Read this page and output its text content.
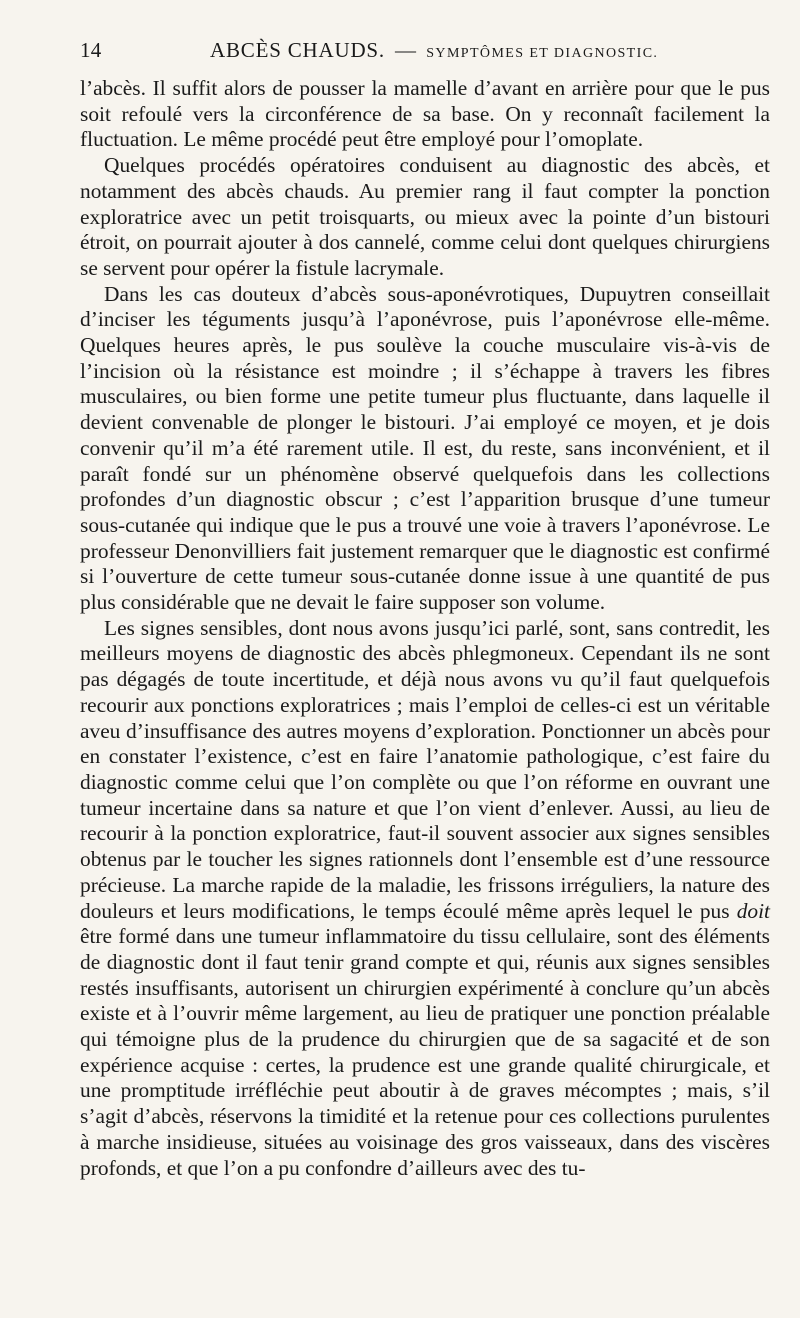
14	ABCÈS CHAUDS. — SYMPTÔMES ET DIAGNOSTIC.

l’abcès. Il suffit alors de pousser la mamelle d’avant en arrière pour que le pus soit refoulé vers la circonférence de sa base. On y reconnaît facilement la fluctuation. Le même procédé peut être employé pour l’omoplate.

Quelques procédés opératoires conduisent au diagnostic des abcès, et notamment des abcès chauds. Au premier rang il faut compter la ponction exploratrice avec un petit troisquarts, ou mieux avec la pointe d’un bistouri étroit, on pourrait ajouter à dos cannelé, comme celui dont quelques chirurgiens se servent pour opérer la fistule lacrymale.

Dans les cas douteux d’abcès sous-aponévrotiques, Dupuytren conseillait d’inciser les téguments jusqu’à l’aponévrose, puis l’aponévrose elle-même. Quelques heures après, le pus soulève la couche musculaire vis-à-vis de l’incision où la résistance est moindre ; il s’échappe à travers les fibres musculaires, ou bien forme une petite tumeur plus fluctuante, dans laquelle il devient convenable de plonger le bistouri. J’ai employé ce moyen, et je dois convenir qu’il m’a été rarement utile. Il est, du reste, sans inconvénient, et il paraît fondé sur un phénomène observé quelquefois dans les collections profondes d’un diagnostic obscur ; c’est l’apparition brusque d’une tumeur sous-cutanée qui indique que le pus a trouvé une voie à travers l’aponévrose. Le professeur Denonvilliers fait justement remarquer que le diagnostic est confirmé si l’ouverture de cette tumeur sous-cutanée donne issue à une quantité de pus plus considérable que ne devait le faire supposer son volume.

Les signes sensibles, dont nous avons jusqu’ici parlé, sont, sans contredit, les meilleurs moyens de diagnostic des abcès phlegmoneux. Cependant ils ne sont pas dégagés de toute incertitude, et déjà nous avons vu qu’il faut quelquefois recourir aux ponctions exploratrices ; mais l’emploi de celles-ci est un véritable aveu d’insuffisance des autres moyens d’exploration. Ponctionner un abcès pour en constater l’existence, c’est en faire l’anatomie pathologique, c’est faire du diagnostic comme celui que l’on complète ou que l’on réforme en ouvrant une tumeur incertaine dans sa nature et que l’on vient d’enlever. Aussi, au lieu de recourir à la ponction exploratrice, faut-il souvent associer aux signes sensibles obtenus par le toucher les signes rationnels dont l’ensemble est d’une ressource précieuse. La marche rapide de la maladie, les frissons irréguliers, la nature des douleurs et leurs modifications, le temps écoulé même après lequel le pus doit être formé dans une tumeur inflammatoire du tissu cellulaire, sont des éléments de diagnostic dont il faut tenir grand compte et qui, réunis aux signes sensibles restés insuffisants, autorisent un chirurgien expérimenté à conclure qu’un abcès existe et à l’ouvrir même largement, au lieu de pratiquer une ponction préalable qui témoigne plus de la prudence du chirurgien que de sa sagacité et de son expérience acquise : certes, la prudence est une grande qualité chirurgicale, et une promptitude irréfléchie peut aboutir à de graves mécomptes ; mais, s’il s’agit d’abcès, réservons la timidité et la retenue pour ces collections purulentes à marche insidieuse, situées au voisinage des gros vaisseaux, dans des viscères profonds, et que l’on a pu confondre d’ailleurs avec des tu-
